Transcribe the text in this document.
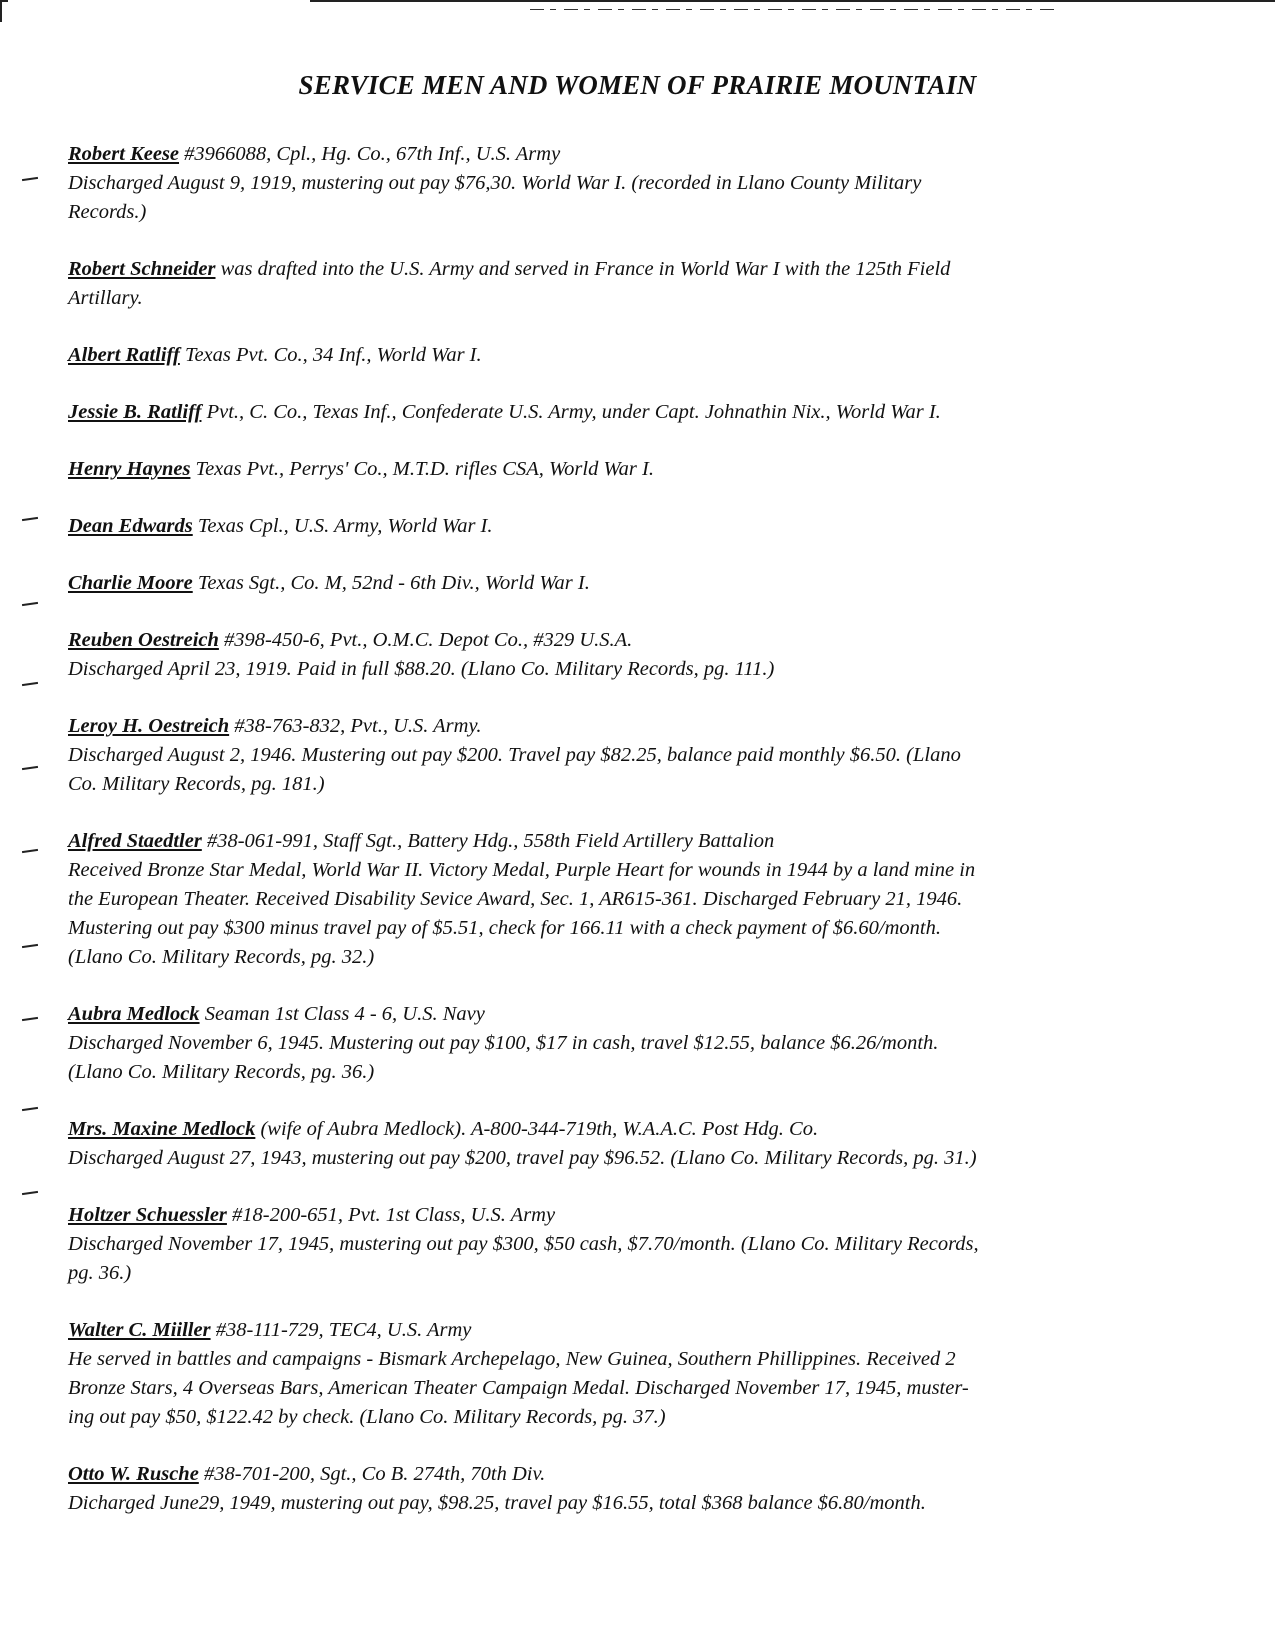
SERVICE MEN AND WOMEN OF PRAIRIE MOUNTAIN
Robert Keese #3966088, Cpl., Hg. Co., 67th Inf., U.S. Army
Discharged August 9, 1919, mustering out pay $76,30. World War I. (recorded in Llano County Military
Records.)
Robert Schneider was drafted into the U.S. Army and served in France in World War I with the 125th Field
Artillary.
Albert Ratliff Texas Pvt. Co., 34 Inf., World War I.
Jessie B. Ratliff Pvt., C. Co., Texas Inf., Confederate U.S. Army, under Capt. Johnathin Nix., World War I.
Henry Haynes Texas Pvt., Perrys' Co., M.T.D. rifles CSA, World War I.
Dean Edwards Texas Cpl., U.S. Army, World War I.
Charlie Moore Texas Sgt., Co. M, 52nd - 6th Div., World War I.
Reuben Oestreich #398-450-6, Pvt., O.M.C. Depot Co., #329 U.S.A.
Discharged April 23, 1919. Paid in full $88.20. (Llano Co. Military Records, pg. 111.)
Leroy H. Oestreich #38-763-832, Pvt., U.S. Army.
Discharged August 2, 1946. Mustering out pay $200. Travel pay $82.25, balance paid monthly $6.50. (Llano
Co. Military Records, pg. 181.)
Alfred Staedtler #38-061-991, Staff Sgt., Battery Hdg., 558th Field Artillery Battalion
Received Bronze Star Medal, World War II. Victory Medal, Purple Heart for wounds in 1944 by a land mine in
the European Theater. Received Disability Sevice Award, Sec. 1, AR615-361. Discharged February 21, 1946.
Mustering out pay $300 minus travel pay of $5.51, check for 166.11 with a check payment of $6.60/month.
(Llano Co. Military Records, pg. 32.)
Aubra Medlock Seaman 1st Class 4 - 6, U.S. Navy
Discharged November 6, 1945. Mustering out pay $100, $17 in cash, travel $12.55, balance $6.26/month.
(Llano Co. Military Records, pg. 36.)
Mrs. Maxine Medlock (wife of Aubra Medlock). A-800-344-719th, W.A.A.C. Post Hdg. Co.
Discharged August 27, 1943, mustering out pay $200, travel pay $96.52. (Llano Co. Military Records, pg. 31.)
Holtzer Schuessler #18-200-651, Pvt. 1st Class, U.S. Army
Discharged November 17, 1945, mustering out pay $300, $50 cash, $7.70/month. (Llano Co. Military Records,
pg. 36.)
Walter C. Miiller #38-111-729, TEC4, U.S. Army
He served in battles and campaigns - Bismark Archepelago, New Guinea, Southern Phillippines. Received 2
Bronze Stars, 4 Overseas Bars, American Theater Campaign Medal. Discharged November 17, 1945, muster-
ing out pay $50, $122.42 by check. (Llano Co. Military Records, pg. 37.)
Otto W. Rusche #38-701-200, Sgt., Co B. 274th, 70th Div.
Dicharged June29, 1949, mustering out pay, $98.25, travel pay $16.55, total $368 balance $6.80/month.
